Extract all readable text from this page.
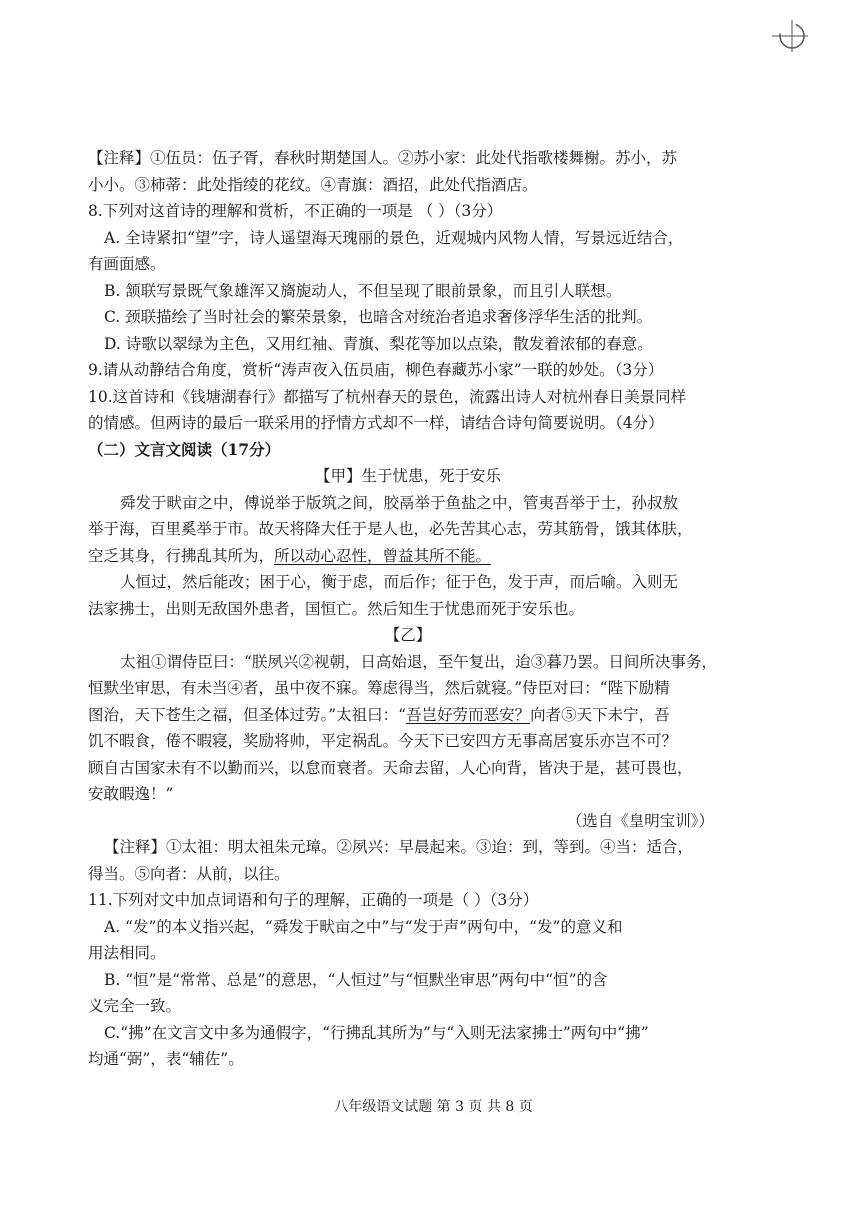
【注释】①伍员：伍子胥，春秋时期楚国人。②苏小家：此处代指歌楼舞榭。苏小，苏

小小。③柿蒂：此处指绫的花纹。④青旗：酒招，此处代指酒店。

8.下列对这首诗的理解和赏析，不正确的一项是 （ ）（3分）

A. 全诗紧扣“望”字，诗人遥望海天瑰丽的景色，近观城内风物人情，写景远近结合，

有画面感。

B. 颔联写景既气象雄浑又旖旎动人，不但呈现了眼前景象，而且引人联想。

C. 颈联描绘了当时社会的繁荣景象，也暗含对统治者追求奢侈浮华生活的批判。

D. 诗歌以翠绿为主色，又用红袖、青旗、梨花等加以点染，散发着浓郁的春意。

9.请从动静结合角度，赏析“涛声夜入伍员庙，柳色春藏苏小家”一联的妙处。（3分）

10.这首诗和《钱塘湖春行》都描写了杭州春天的景色，流露出诗人对杭州春日美景同样

的情感。但两诗的最后一联采用的抒情方式却不一样，请结合诗句简要说明。（4分）

（二）文言文阅读（17分）

【甲】生于忧患，死于安乐

舜发于畎亩之中，傅说举于版筑之间，胶鬲举于鱼盐之中，管夷吾举于士，孙叔敖

举于海，百里奚举于市。故天将降大任于是人也，必先苦其心志，劳其筋骨，饿其体肤，

空乏其身，行拂乱其所为，所以动心忍性，曾益其所不能。

人恒过，然后能改；困于心，衡于虑，而后作；征于色，发于声，而后喻。入则无

法家拂士，出则无敌国外患者，国恒亡。然后知生于忧患而死于安乐也。

【乙】

太祖①谓侍臣曰：“朕夙兴②视朝，日高始退，至午复出，迨③暮乃罢。日间所决事务，

恒默坐审思，有未当④者，虽中夜不寐。筹虑得当，然后就寝。”侍臣对曰：“陛下励精

图治，天下苍生之福，但圣体过劳。”太祖曰：“吾岂好劳而恶安？向者⑤天下未宁，吾

饥不暇食，倦不暇寝，奖励将帅，平定祸乱。今天下已安四方无事高居宴乐亦岂不可？

顾自古国家未有不以勤而兴，以怠而衰者。天命去留，人心向背，皆决于是，甚可畏也，

安敢暇逸！”

（选自《皇明宝训》）

【注释】①太祖：明太祖朱元璋。②夙兴：早晨起来。③迨：到，等到。④当：适合，

得当。⑤向者：从前，以往。

11.下列对文中加点词语和句子的理解，正确的一项是（ ）（3分）

A. “发”的本义指兴起，“舜发于畎亩之中”与“发于声”两句中，“发”的意义和

用法相同。

B. “恒”是“常常、总是”的意思，“人恒过”与“恒默坐审思”两句中“恒”的含

义完全一致。

C.“拂”在文言文中多为通假字，“行拂乱其所为”与“入则无法家拂士”两句中“拂”

均通“弼”，表“辅佐”。

八年级语文试题 第 3 页 共 8 页
